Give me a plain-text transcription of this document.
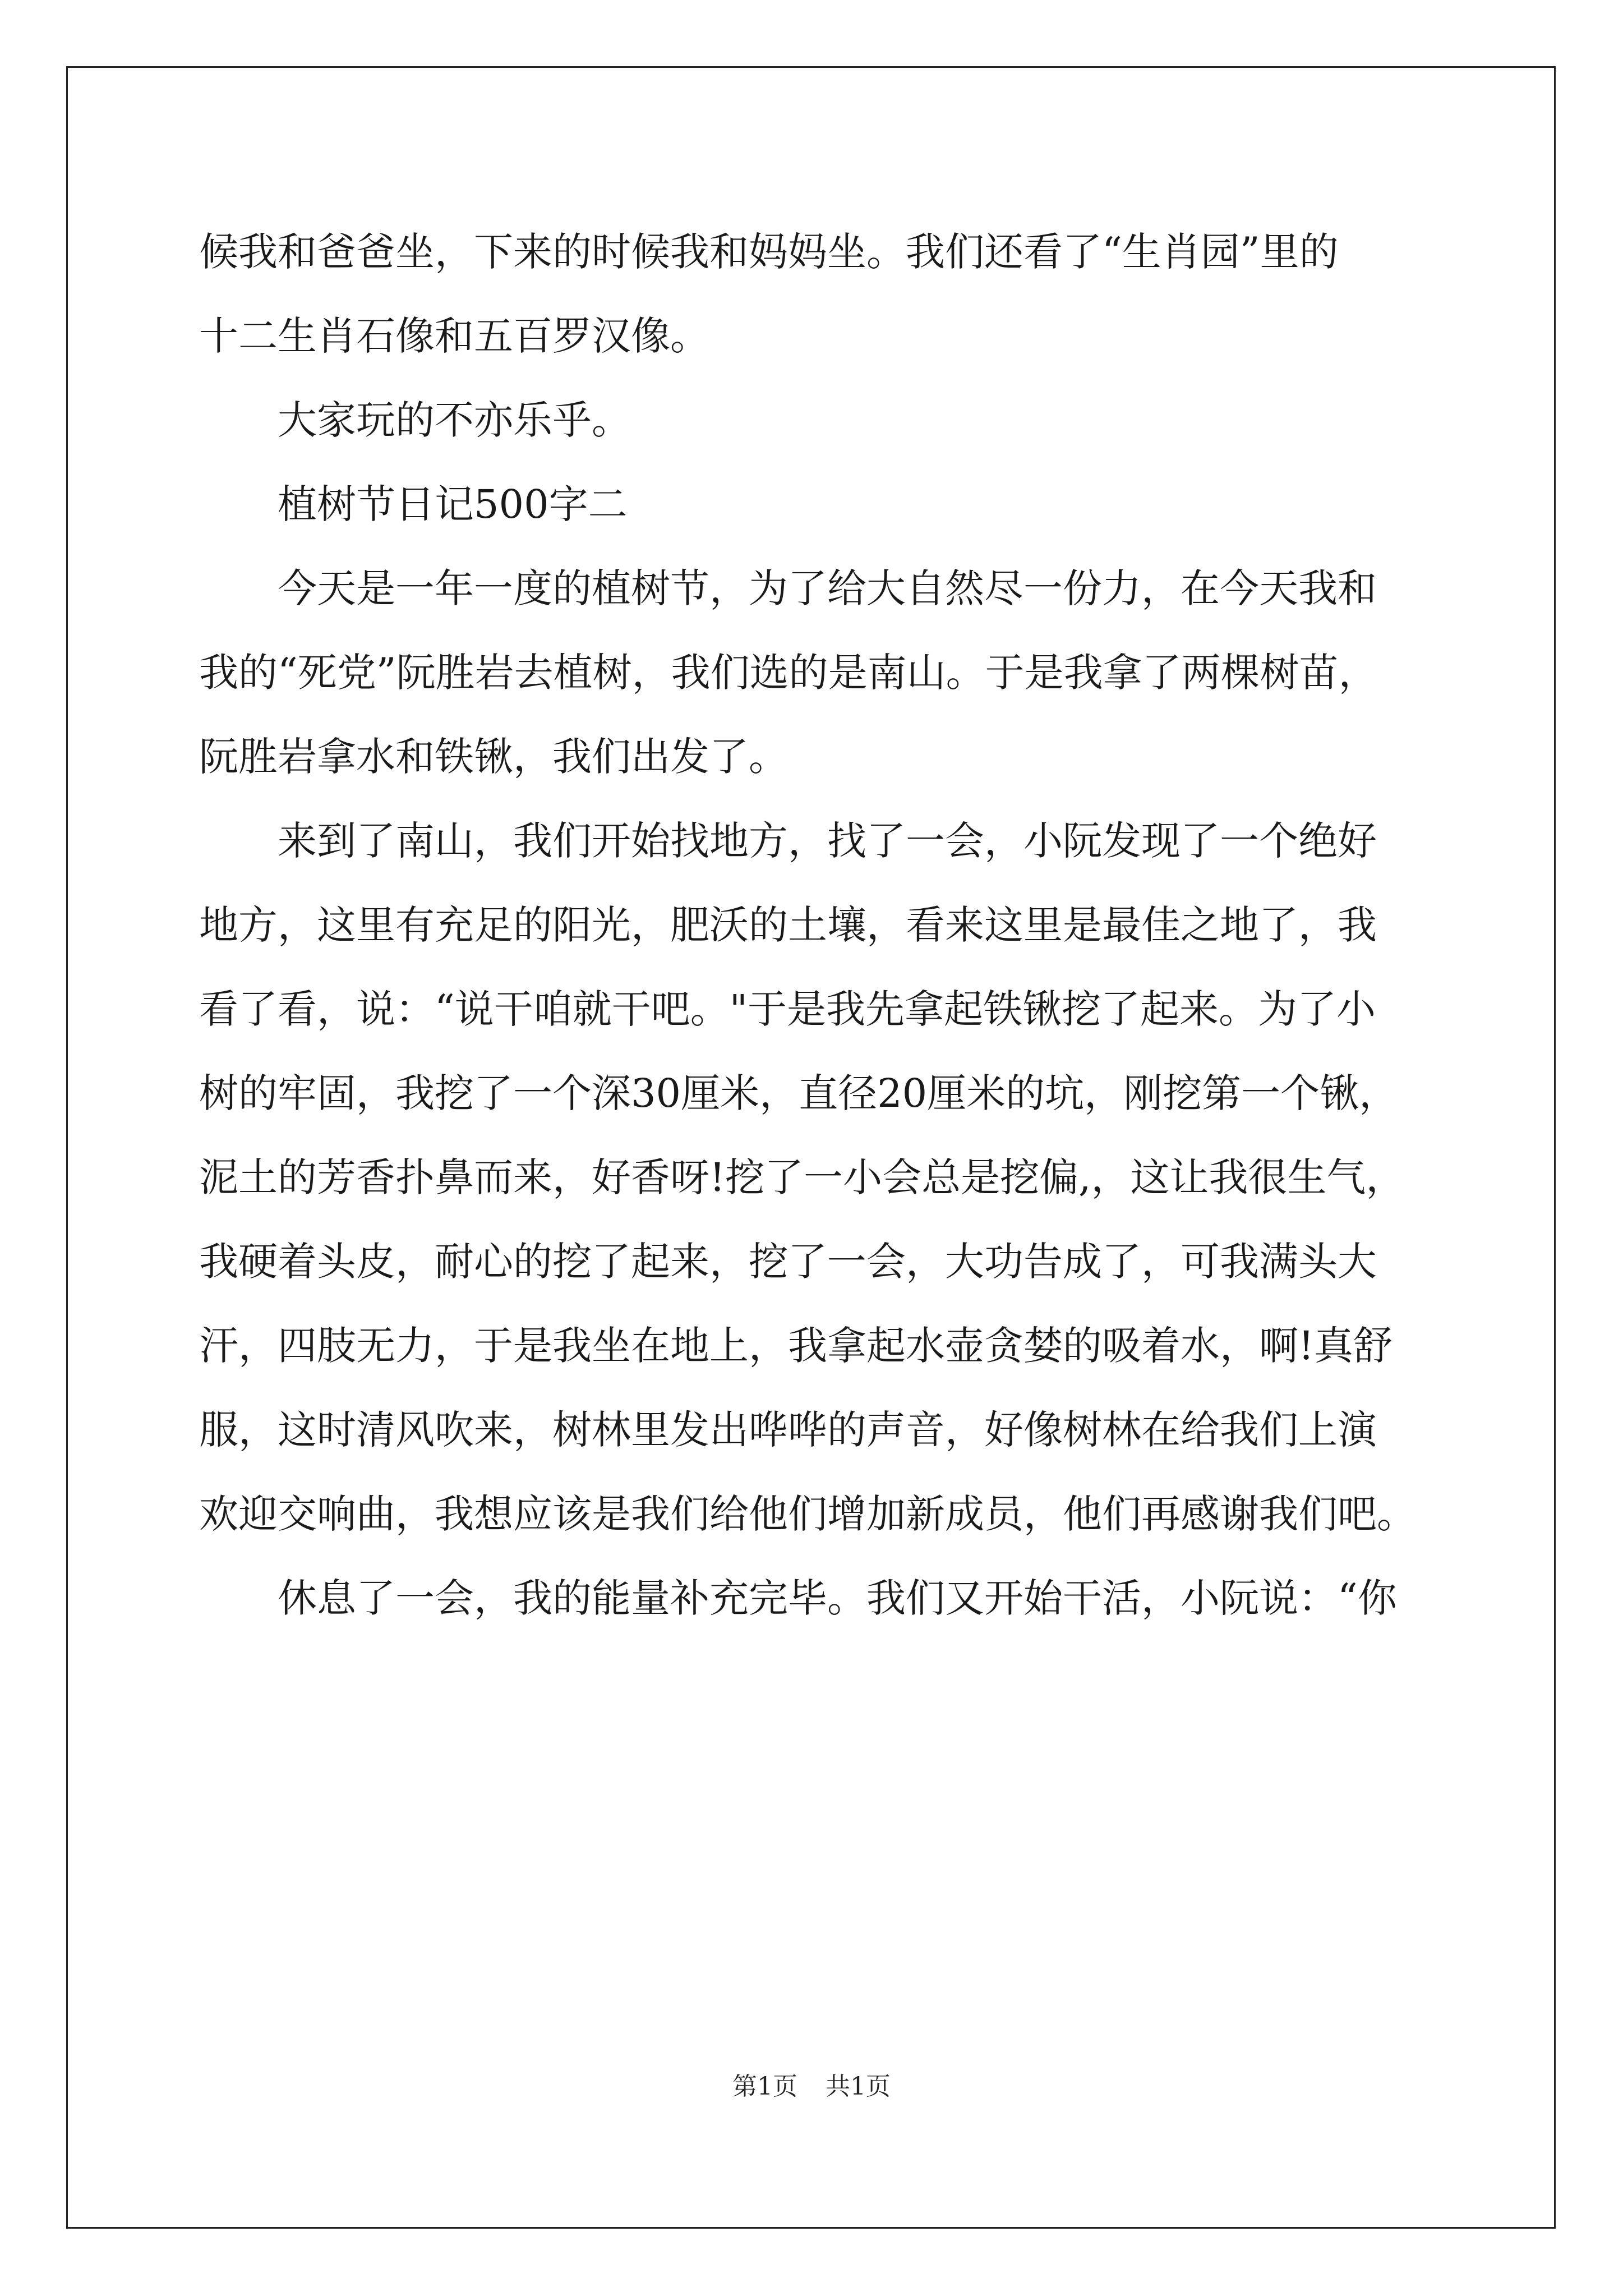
候我和爸爸坐，下来的时候我和妈妈坐。我们还看了“生肖园”里的
十二生肖石像和五百罗汉像。
大家玩的不亦乐乎。
植树节日记500字二
今天是一年一度的植树节，为了给大自然尽一份力，在今天我和
我的“死党”阮胜岩去植树，我们选的是南山。于是我拿了两棵树苗，
阮胜岩拿水和铁锹，我们出发了。
来到了南山，我们开始找地方，找了一会，小阮发现了一个绝好
地方，这里有充足的阳光，肥沃的土壤，看来这里是最佳之地了，我
看了看，说：“说干咱就干吧。"于是我先拿起铁锹挖了起来。为了小
树的牢固，我挖了一个深30厘米，直径20厘米的坑，刚挖第一个锹，
泥土的芳香扑鼻而来，好香呀!挖了一小会总是挖偏,，这让我很生气，
我硬着头皮，耐心的挖了起来，挖了一会，大功告成了，可我满头大
汗，四肢无力，于是我坐在地上，我拿起水壶贪婪的吸着水，啊!真舒
服，这时清风吹来，树林里发出哗哗的声音，好像树林在给我们上演
欢迎交响曲，我想应该是我们给他们增加新成员，他们再感谢我们吧。
休息了一会，我的能量补充完毕。我们又开始干活，小阮说：“你
第1页 共1页
